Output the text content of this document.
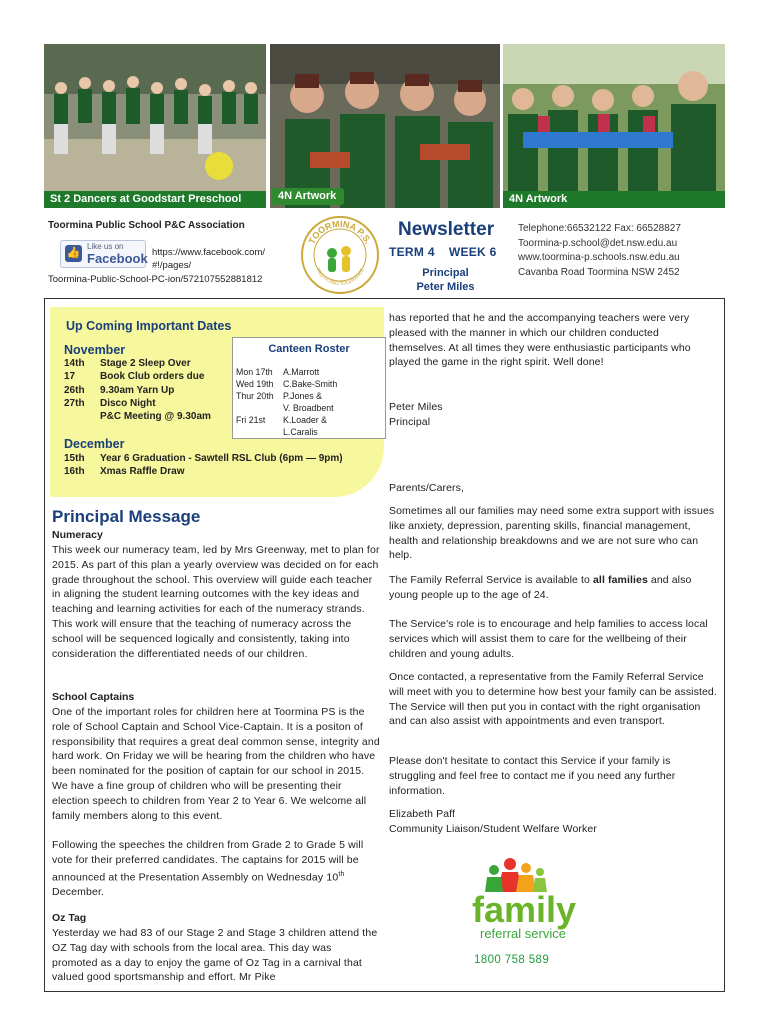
St 2 Dancers at Goodstart Preschool	4N Artwork	4N Artwork
Toormina Public School P&C Association
👍
Like us on
Facebook https://www.facebook.com/
#!/pages/
Toormina-Public-School-PC-ion/572107552881812
TOORMINA P.S.
TRUTH AND TOLERANCE
Newsletter
TERM 4 WEEK 6
Principal
Peter Miles
Telephone:66532122 Fax: 66528827
Toormina-p.school@det.nsw.edu.au
www.toormina-p.schools.nsw.edu.au
Cavanba Road Toormina NSW 2452
Up Coming Important Dates
November
14th Stage 2 Sleep Over
17 Book Club orders due
26th 9.30am Yarn Up
27th Disco Night
P&C Meeting @ 9.30am
December
15th Year 6 Graduation - Sawtell RSL Club (6pm — 9pm)
16th Xmas Raffle Draw
Canteen Roster
Mon 17th A.Marrott
Wed 19th C.Bake-Smith
Thur 20th P.Jones &
V. Broadbent
Fri 21st K.Loader &
L.Caralis
Principal Message
Numeracy

This week our numeracy team, led by Mrs Greenway, met to plan for 2015. As part of this plan a yearly overview was decided on for each grade throughout the school. This overview will guide each teacher in aligning the student learning outcomes with the key ideas and teaching and learning activities for each of the numeracy strands. This work will ensure that the teaching of numeracy across the school will be sequenced logically and consistently, taking into consideration the differentiated needs of our children.

School Captains

One of the important roles for children here at Toormina PS is the role of School Captain and School Vice-Captain. It is a positon of responsibility that requires a great deal common sense, integrity and hard work. On Friday we will be hearing from the children who have been nominated for the position of captain for our school in 2015. We have a fine group of children who will be presenting their election speech to children from Year 2 to Year 6. We welcome all family members along to this event.

Following the speeches the children from Grade 2 to Grade 5 will vote for their preferred candidates. The captains for 2015 will be announced at the Presentation Assembly on Wednesday 10th December.

Oz Tag

Yesterday we had 83 of our Stage 2 and Stage 3 children attend the OZ Tag day with schools from the local area. This day was promoted as a day to enjoy the game of Oz Tag in a carnival that valued good sportsmanship and effort. Mr Pike

has reported that he and the accompanying teachers were very pleased with the manner in which our children conducted themselves. At all times they were enthusiastic participants who played the game in the right spirit. Well done!

Peter Miles

Principal

Parents/Carers,

Sometimes all our families may need some extra support with issues like anxiety, depression, parenting skills, financial management, health and relationship breakdowns and we are not sure who can help.

The Family Referral Service is available to all families and also young people up to the age of 24.

The Service's role is to encourage and help families to access local services which will assist them to care for the wellbeing of their children and young adults.

Once contacted, a representative from the Family Referral Service will meet with you to determine how best your family can be assisted. The Service will then put you in contact with the right organisation and can also assist with appointments and even transport.

Please don't hesitate to contact this Service if your family is struggling and feel free to contact me if you need any further information.

Elizabeth Paff

Community Liaison/Student Welfare Worker

family
referral service
1800 758 589
